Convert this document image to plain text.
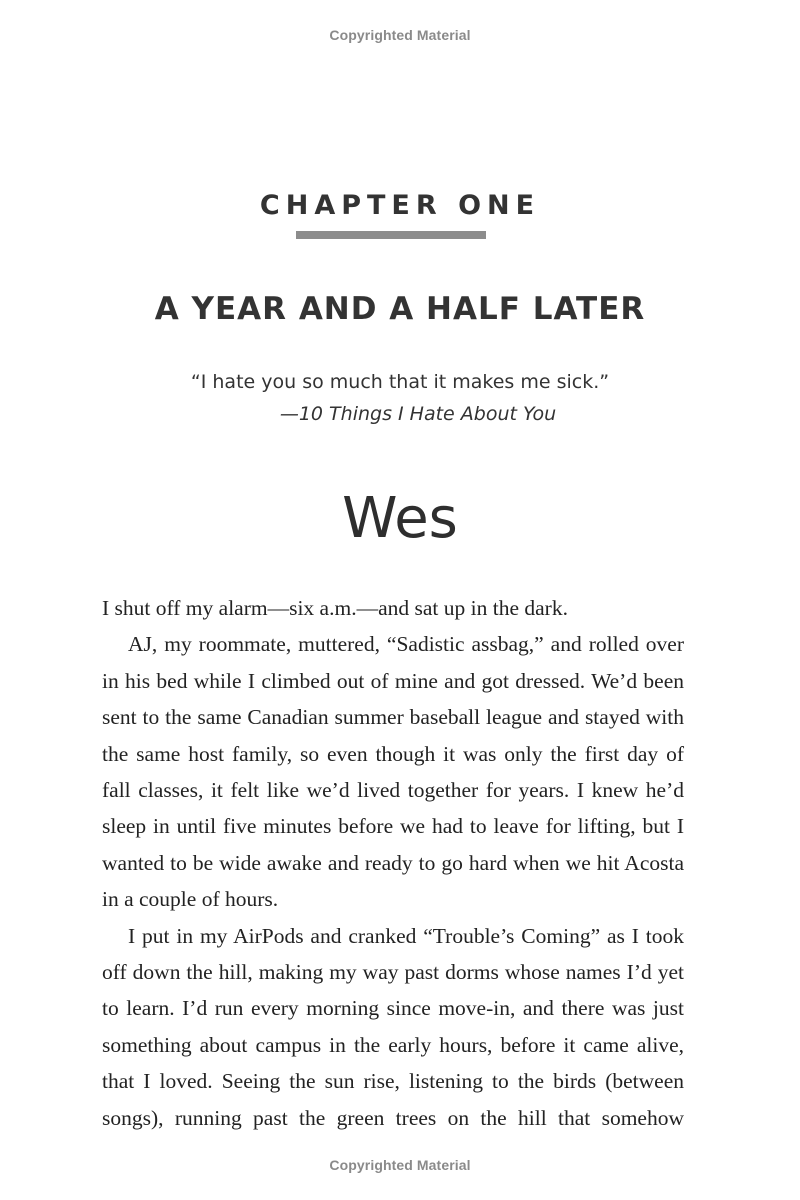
Copyrighted Material
CHAPTER ONE
A YEAR AND A HALF LATER
“I hate you so much that it makes me sick.”
—10 Things I Hate About You
Wes

I shut off my alarm—six a.m.—and sat up in the dark.

AJ, my roommate, muttered, “Sadistic assbag,” and rolled over in his bed while I climbed out of mine and got dressed. We’d been sent to the same Canadian summer baseball league and stayed with the same host family, so even though it was only the first day of fall classes, it felt like we’d lived together for years. I knew he’d sleep in until five minutes before we had to leave for lifting, but I wanted to be wide awake and ready to go hard when we hit Acosta in a couple of hours.

I put in my AirPods and cranked “Trouble’s Coming” as I took off down the hill, making my way past dorms whose names I’d yet to learn. I’d run every morning since move-in, and there was just something about campus in the early hours, before it came alive, that I loved. Seeing the sun rise, listening to the birds (between songs), running past the green trees on the hill that somehow

Copyrighted Material
